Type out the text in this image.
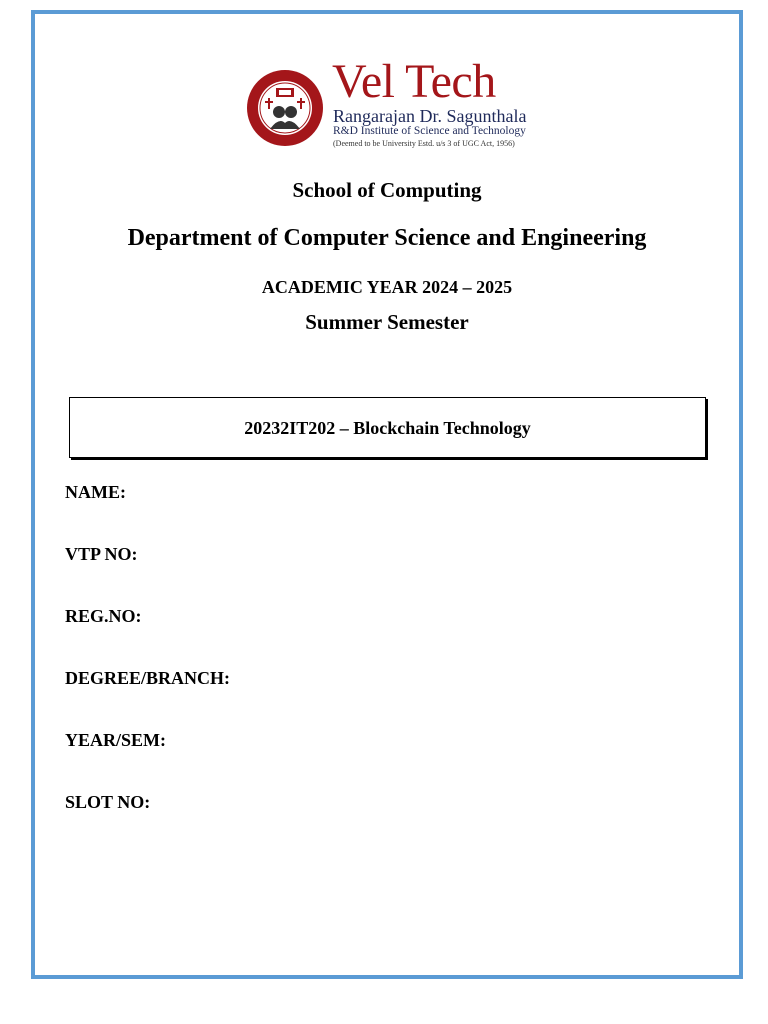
Vel Tech
Rangarajan Dr. Sagunthala
R&D Institute of Science and Technology
(Deemed to be University Estd. u/s 3 of UGC Act, 1956)
School of Computing
Department of Computer Science and Engineering
ACADEMIC YEAR 2024 – 2025
Summer Semester
20232IT202 – Blockchain Technology
NAME:
VTP NO:
REG.NO:
DEGREE/BRANCH:
YEAR/SEM:
SLOT NO:
